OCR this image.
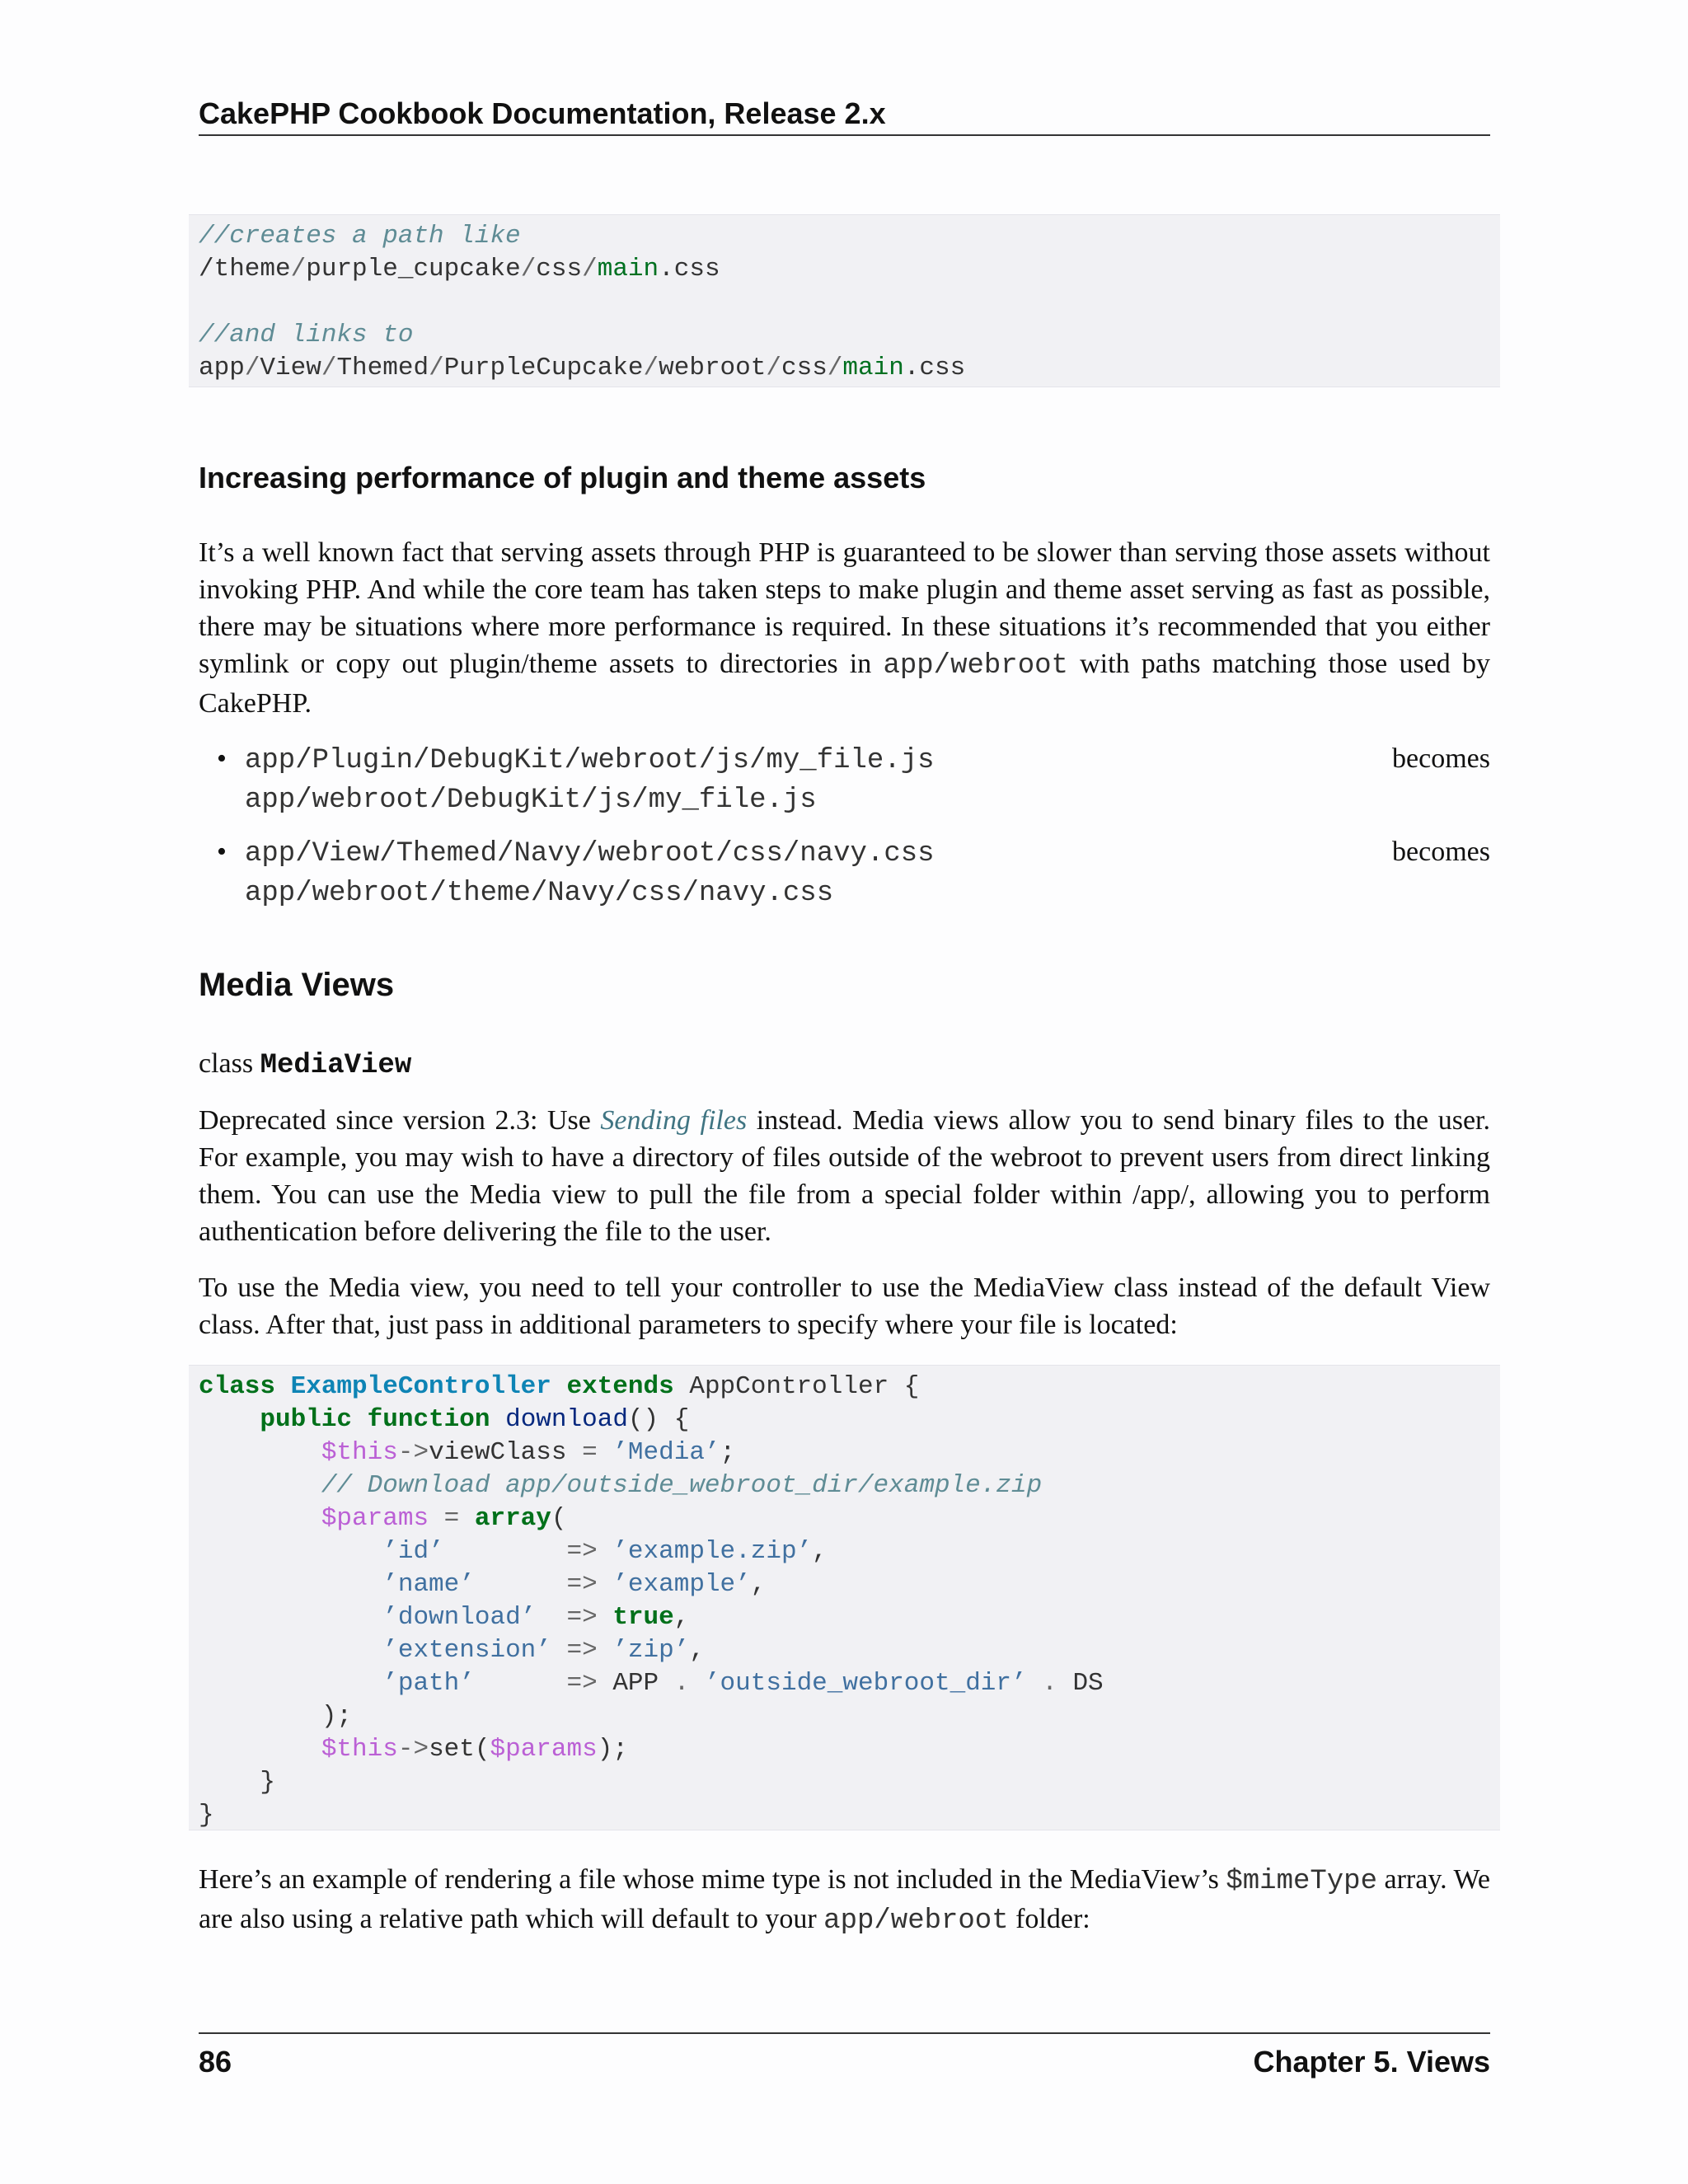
CakePHP Cookbook Documentation, Release 2.x
//creates a path like
/theme/purple_cupcake/css/main.css

//and links to
app/View/Themed/PurpleCupcake/webroot/css/main.css
Increasing performance of plugin and theme assets
It’s a well known fact that serving assets through PHP is guaranteed to be slower than serving those assets without invoking PHP. And while the core team has taken steps to make plugin and theme asset serving as fast as possible, there may be situations where more performance is required. In these situations it’s recommended that you either symlink or copy out plugin/theme assets to directories in app/webroot with paths matching those used by CakePHP.
• app/Plugin/DebugKit/webroot/js/my_file.js	becomes

app/webroot/DebugKit/js/my_file.js
• app/View/Themed/Navy/webroot/css/navy.css	becomes

app/webroot/theme/Navy/css/navy.css
Media Views
class MediaView
Deprecated since version 2.3: Use Sending files instead. Media views allow you to send binary files to the user. For example, you may wish to have a directory of files outside of the webroot to prevent users from direct linking them. You can use the Media view to pull the file from a special folder within /app/, allowing you to perform authentication before delivering the file to the user.
To use the Media view, you need to tell your controller to use the MediaView class instead of the default View class. After that, just pass in additional parameters to specify where your file is located:
class ExampleController extends AppController {
public function download() {
$this->viewClass = ’Media’;
// Download app/outside_webroot_dir/example.zip
$params = array(
’id’	=> ’example.zip’,
’name’	=> ’example’,
’download’ => true,
’extension’ => ’zip’,
’path’	=> APP . ’outside_webroot_dir’ . DS
);
$this->set($params);
}
}
Here’s an example of rendering a file whose mime type is not included in the MediaView’s $mimeType array. We are also using a relative path which will default to your app/webroot folder:
86	Chapter 5. Views
